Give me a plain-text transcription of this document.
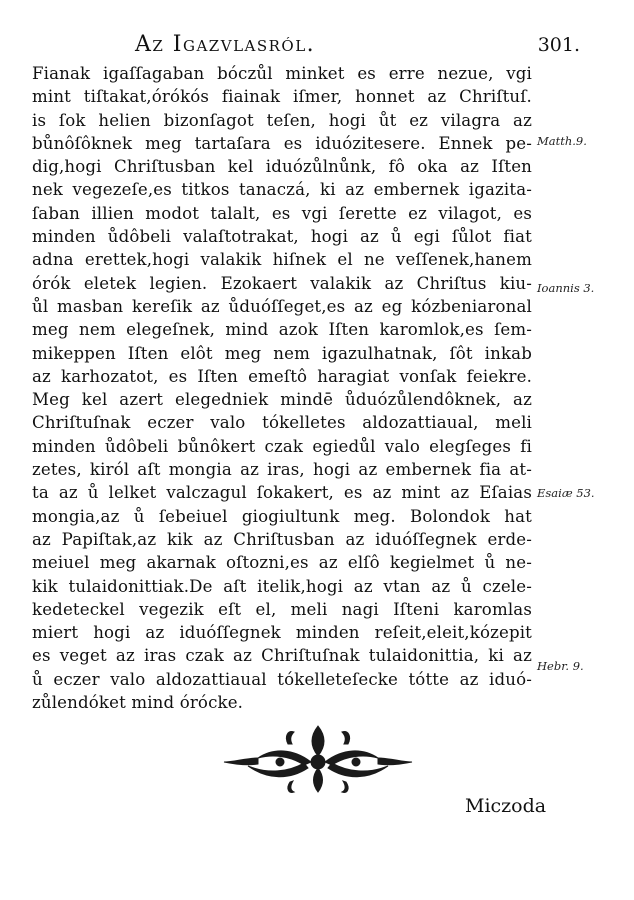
Az Igazvlasról.	301.
Fianak igaſſagaban bóczůl minket es erre nezue, vgi
mint tiſtakat,órókós fiainak iſmer, honnet az Chriſtuſ.
is ſok helien bizonſagot teſen, hogi ůt ez vilagra az
bůnôſôknek meg tartaſara es iduózitesere. Ennek pe-
dig,hogi Chriſtusban kel iduózůlnůnk, fô oka az Iſten
nek vegezeſe,es titkos tanaczá, ki az embernek igazita-
ſaban illien modot talalt, es vgi ſerette ez vilagot, es
minden ůdôbeli valaſtotrakat, hogi az ů egi ſůlot fiat
adna erettek,hogi valakik hiſnek el ne veſſenek,hanem
órók eletek legien. Ezokaert valakik az Chriſtus kiu-
ůl masban kereſik az ůduóſſeget,es az eg kózbeniaronal
meg nem elegeſnek, mind azok Iſten karomlok,es ſem-
mikeppen Iſten elôt meg nem igazulhatnak, ſôt inkab
az karhozatot, es Iſten emeſtô haragiat vonſak feiekre.
Meg kel azert elegedniek mindē ůduózůlendôknek, az
Chriſtuſnak eczer valo tókelletes aldozattiaual, meli
minden ůdôbeli bůnôkert czak egiedůl valo elegſeges fi
zetes, kiról aſt mongia az iras, hogi az embernek fia at-
ta az ů lelket valczagul ſokakert, es az mint az Eſaias
mongia,az ů ſebeiuel giogiultunk meg. Bolondok hat
az Papiſtak,az kik az Chriſtusban az iduóſſegnek erde-
meiuel meg akarnak oſtozni,es az elſô kegielmet ů ne-
kik tulaidonittiak.De aſt itelik,hogi az vtan az ů czele-
kedeteckel vegezik eſt el, meli nagi Iſteni karomlas
miert hogi az iduóſſegnek minden reſeit,eleit,kózepit
es veget az iras czak az Chriſtuſnak tulaidonittia, ki az
ů eczer valo aldozattiaual tókelleteſecke tótte az iduó-
zůlendóket mind órócke.
Matth.9.
Ioannis 3.
Esaiæ 53.
Hebr. 9.
Miczoda
